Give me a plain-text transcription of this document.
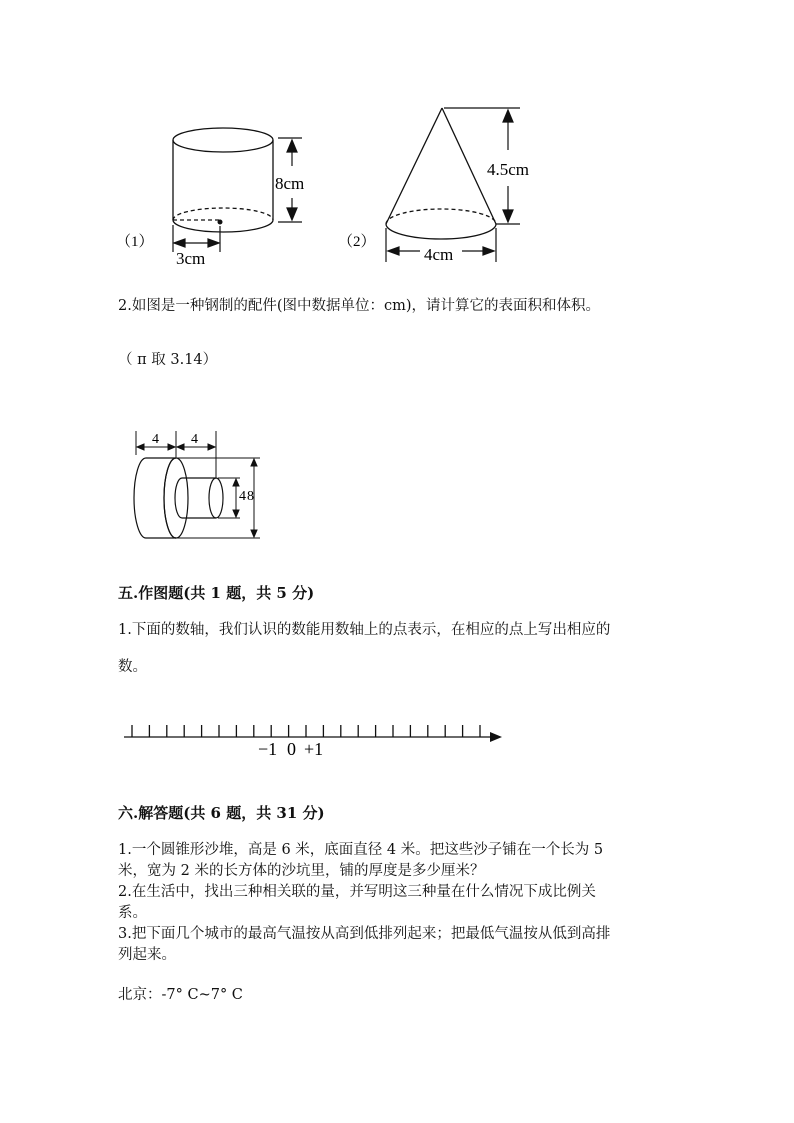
8cm
3cm
（1）
4.5cm
4cm
（2）
2.如图是一种钢制的配件(图中数据单位：cm)，请计算它的表面积和体积。
（ π 取 3.14）
4 4
4 8
五.作图题(共 1 题，共 5 分)
1.下面的数轴，我们认识的数能用数轴上的点表示，在相应的点上写出相应的
数。
−1 0 +1
六.解答题(共 6 题，共 31 分)
1.一个圆锥形沙堆，高是 6 米，底面直径 4 米。把这些沙子铺在一个长为 5
米，宽为 2 米的长方体的沙坑里，铺的厚度是多少厘米？
2.在生活中，找出三种相关联的量，并写明这三种量在什么情况下成比例关
系。
3.把下面几个城市的最高气温按从高到低排列起来；把最低气温按从低到高排
列起来。
北京：-7° C~7° C
